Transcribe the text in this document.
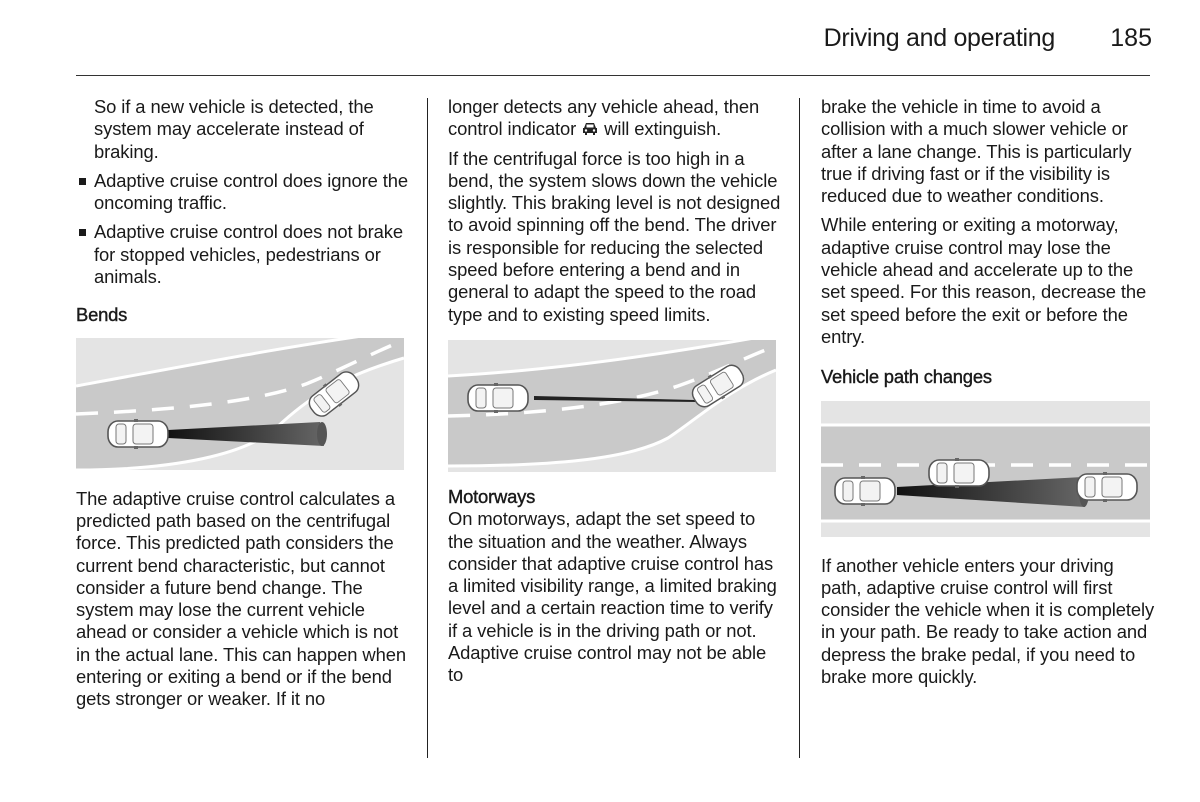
Driving and operating	185

So if a new vehicle is detected, the system may accelerate instead of braking.

Adaptive cruise control does ignore the oncoming traffic.
Adaptive cruise control does not brake for stopped vehicles, pedestrians or animals.
Bends

The adaptive cruise control calculates a predicted path based on the centrifugal force. This predicted path considers the current bend characteristic, but cannot consider a future bend change. The system may lose the current vehicle ahead or consider a vehicle which is not in the actual lane. This can happen when entering or exiting a bend or if the bend gets stronger or weaker. If it no

longer detects any vehicle ahead, then control indicator will extinguish.

If the centrifugal force is too high in a bend, the system slows down the vehicle slightly. This braking level is not designed to avoid spinning off the bend. The driver is responsible for reducing the selected speed before entering a bend and in general to adapt the speed to the road type and to existing speed limits.

Motorways

On motorways, adapt the set speed to the situation and the weather. Always consider that adaptive cruise control has a limited visibility range, a limited braking level and a certain reaction time to verify if a vehicle is in the driving path or not. Adaptive cruise control may not be able to

brake the vehicle in time to avoid a collision with a much slower vehicle or after a lane change. This is particularly true if driving fast or if the visibility is reduced due to weather conditions.

While entering or exiting a motorway, adaptive cruise control may lose the vehicle ahead and accelerate up to the set speed. For this reason, decrease the set speed before the exit or before the entry.

Vehicle path changes

If another vehicle enters your driving path, adaptive cruise control will first consider the vehicle when it is completely in your path. Be ready to take action and depress the brake pedal, if you need to brake more quickly.
